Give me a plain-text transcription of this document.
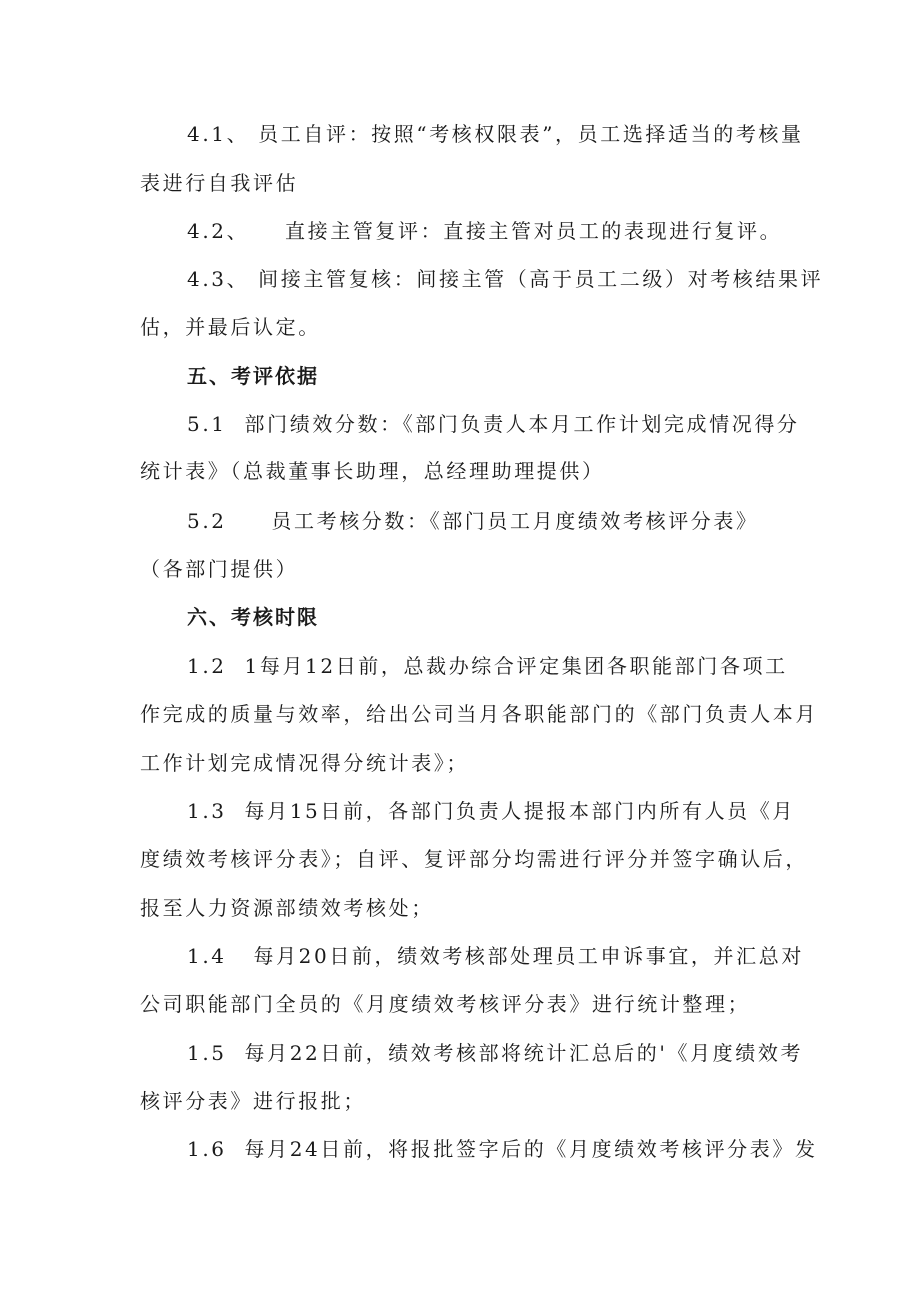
4.1、 员工自评：按照“考核权限表”，员工选择适当的考核量
表进行自我评估
4.2、    直接主管复评：直接主管对员工的表现进行复评。
4.3、 间接主管复核：间接主管（高于员工二级）对考核结果评
估，并最后认定。
五、考评依据
5.1  部门绩效分数：《部门负责人本月工作计划完成情况得分
统计表》（总裁董事长助理，总经理助理提供）
5.2     员工考核分数：《部门员工月度绩效考核评分表》
（各部门提供）
六、考核时限
1.2  1每月12日前，总裁办综合评定集团各职能部门各项工
作完成的质量与效率，给出公司当月各职能部门的《部门负责人本月
工作计划完成情况得分统计表》；
1.3  每月15日前，各部门负责人提报本部门内所有人员《月
度绩效考核评分表》；自评、复评部分均需进行评分并签字确认后，
报至人力资源部绩效考核处；
1.4   每月20日前，绩效考核部处理员工申诉事宜，并汇总对
公司职能部门全员的《月度绩效考核评分表》进行统计整理；
1.5  每月22日前，绩效考核部将统计汇总后的'《月度绩效考
核评分表》进行报批；
1.6  每月24日前，将报批签字后的《月度绩效考核评分表》发
